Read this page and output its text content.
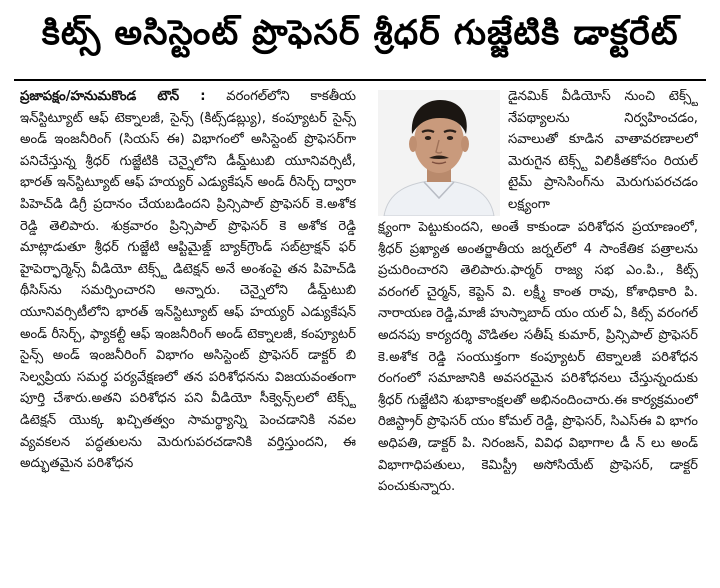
కిట్స్ అసిస్టెంట్ ప్రొఫెసర్ శ్రీధర్ గుజ్జేటికి డాక్టరేట్
ప్రజాపక్షం/హనుమకొండ టౌన్ : వరంగల్‌లోని కాకతీయ ఇన్‌స్టిట్యూట్ ఆఫ్ టెక్నాలజీ, సైన్స్ (కిట్స్‌డబ్ల్యు), కంప్యూటర్ సైన్స్ అండ్ ఇంజనీరింగ్ (సియస్ ఈ) విభాగంలో అసిస్టెంట్ ప్రొఫెసర్‌గా పనిచేస్తున్న శ్రీధర్ గుజ్జేటికి చెన్నైలోని డీమ్డ్‌టుబి యూనివర్సిటీ, భారత్ ఇన్‌స్టిట్యూట్ ఆఫ్ హయ్యర్ ఎడ్యుకేషన్ అండ్ రీసెర్చ్ ద్వారా పిహెచ్‌డి డిగ్రీ ప్రదానం చేయబడిందని ప్రిన్సిపాల్ ప్రొఫెసర్ కె.అశోక రెడ్డి తెలిపారు. శుక్రవారం ప్రిన్సిపాల్ ప్రొఫెసర్ కె అశోక రెడ్డి మాట్లాడుతూ శ్రీధర్ గుజ్జేటి ఆప్టిమైజ్డ్ బ్యాక్‌గ్రౌండ్ సబ్‌ట్రాక్షన్ ఫర్ హైపెర్ఫార్మెన్స్ వీడియో టెక్స్ట్ డిటెక్షన్ అనే అంశంపై తన పిహెచ్‌డి థీసిస్‌ను సమర్పించారని అన్నారు. చెన్నైలోని డీమ్డ్‌టుబి యూనివర్సిటీలోని భారత్ ఇన్‌స్టిట్యూట్ ఆఫ్ హయ్యర్ ఎడ్యుకేషన్ అండ్ రీసెర్చ్, ఫ్యాకల్టీ ఆఫ్ ఇంజనీరింగ్ అండ్ టెక్నాలజీ, కంప్యూటర్ సైన్స్ అండ్ ఇంజనీరింగ్ విభాగం అసిస్టెంట్ ప్రొఫెసర్ డాక్టర్ బి సెల్వప్రియ సమర్థ పర్యవేక్షణలో తన పరిశోధనను విజయవంతంగా పూర్తి చేశారు.అతని పరిశోధన పని వీడియో సీక్వెన్స్‌లలో టెక్స్ట్ డిటెక్షన్ యొక్క ఖచ్చితత్వం సామర్థ్యాన్ని పెంచడానికి నవల వ్యవకలన పద్ధతులను మెరుగుపరచడానికి వర్తిస్తుందని, ఈ అద్భుతమైన పరిశోధన
డైనమిక్ వీడియోస్ నుంచి టెక్స్ట్ నేపథ్యాలను నిర్వహించడం, సవాలుతో కూడిన వాతావరణాలలో మెరుగైన టెక్స్ట్ విలికీతకోసం రియల్ టైమ్ ప్రాసెసింగ్‌ను మెరుగుపరచడం లక్ష్యంగా
క్ష్యంగా పెట్టుకుందని, అంతే కాకుండా పరిశోధన ప్రయాణంలో, శ్రీధర్ ప్రఖ్యాత అంతర్జాతీయ జర్నల్‌లో 4 సాంకేతిక పత్రాలను ప్రచురించారని తెలిపారు.ఫార్మర్ రాజ్య సభ ఎం.పి., కిట్స్ వరంగల్ చైర్మన్, కెప్టెన్ వి. లక్ష్మీ కాంత రావు, కోశాధికారి పి. నారాయణ రెడ్డి,మాజీ హుస్నాబాద్ యం యల్ ఏ, కిట్స్ వరంగల్ అదనపు కార్యదర్శి వొడితల సతీష్ కుమార్, ప్రిన్సిపాల్ ప్రొఫెసర్ కె.అశోక రెడ్డి సంయుక్తంగా కంప్యూటర్ టెక్నాలజీ పరిశోధన రంగంలో సమాజానికి అవసరమైన పరిశోధనలు చేస్తున్నందుకు శ్రీధర్ గుజ్జేటిని శుభాకాంక్షలతో అభినందించారు.ఈ కార్యక్రమంలో రిజిస్ట్రార్ ప్రొఫెసర్ యం కోమల్ రెడ్డి, ప్రొఫెసర్, సిఎస్ఈ వి భాగం అధిపతి, డాక్టర్ పి. నిరంజన్, వివిధ విభాగాల డీ న్ లు అండ్ విభాగాధిపతులు, కెమిస్ట్రీ అసోసియేట్ ప్రొఫెసర్, డాక్టర్ పంచుకున్నారు.
